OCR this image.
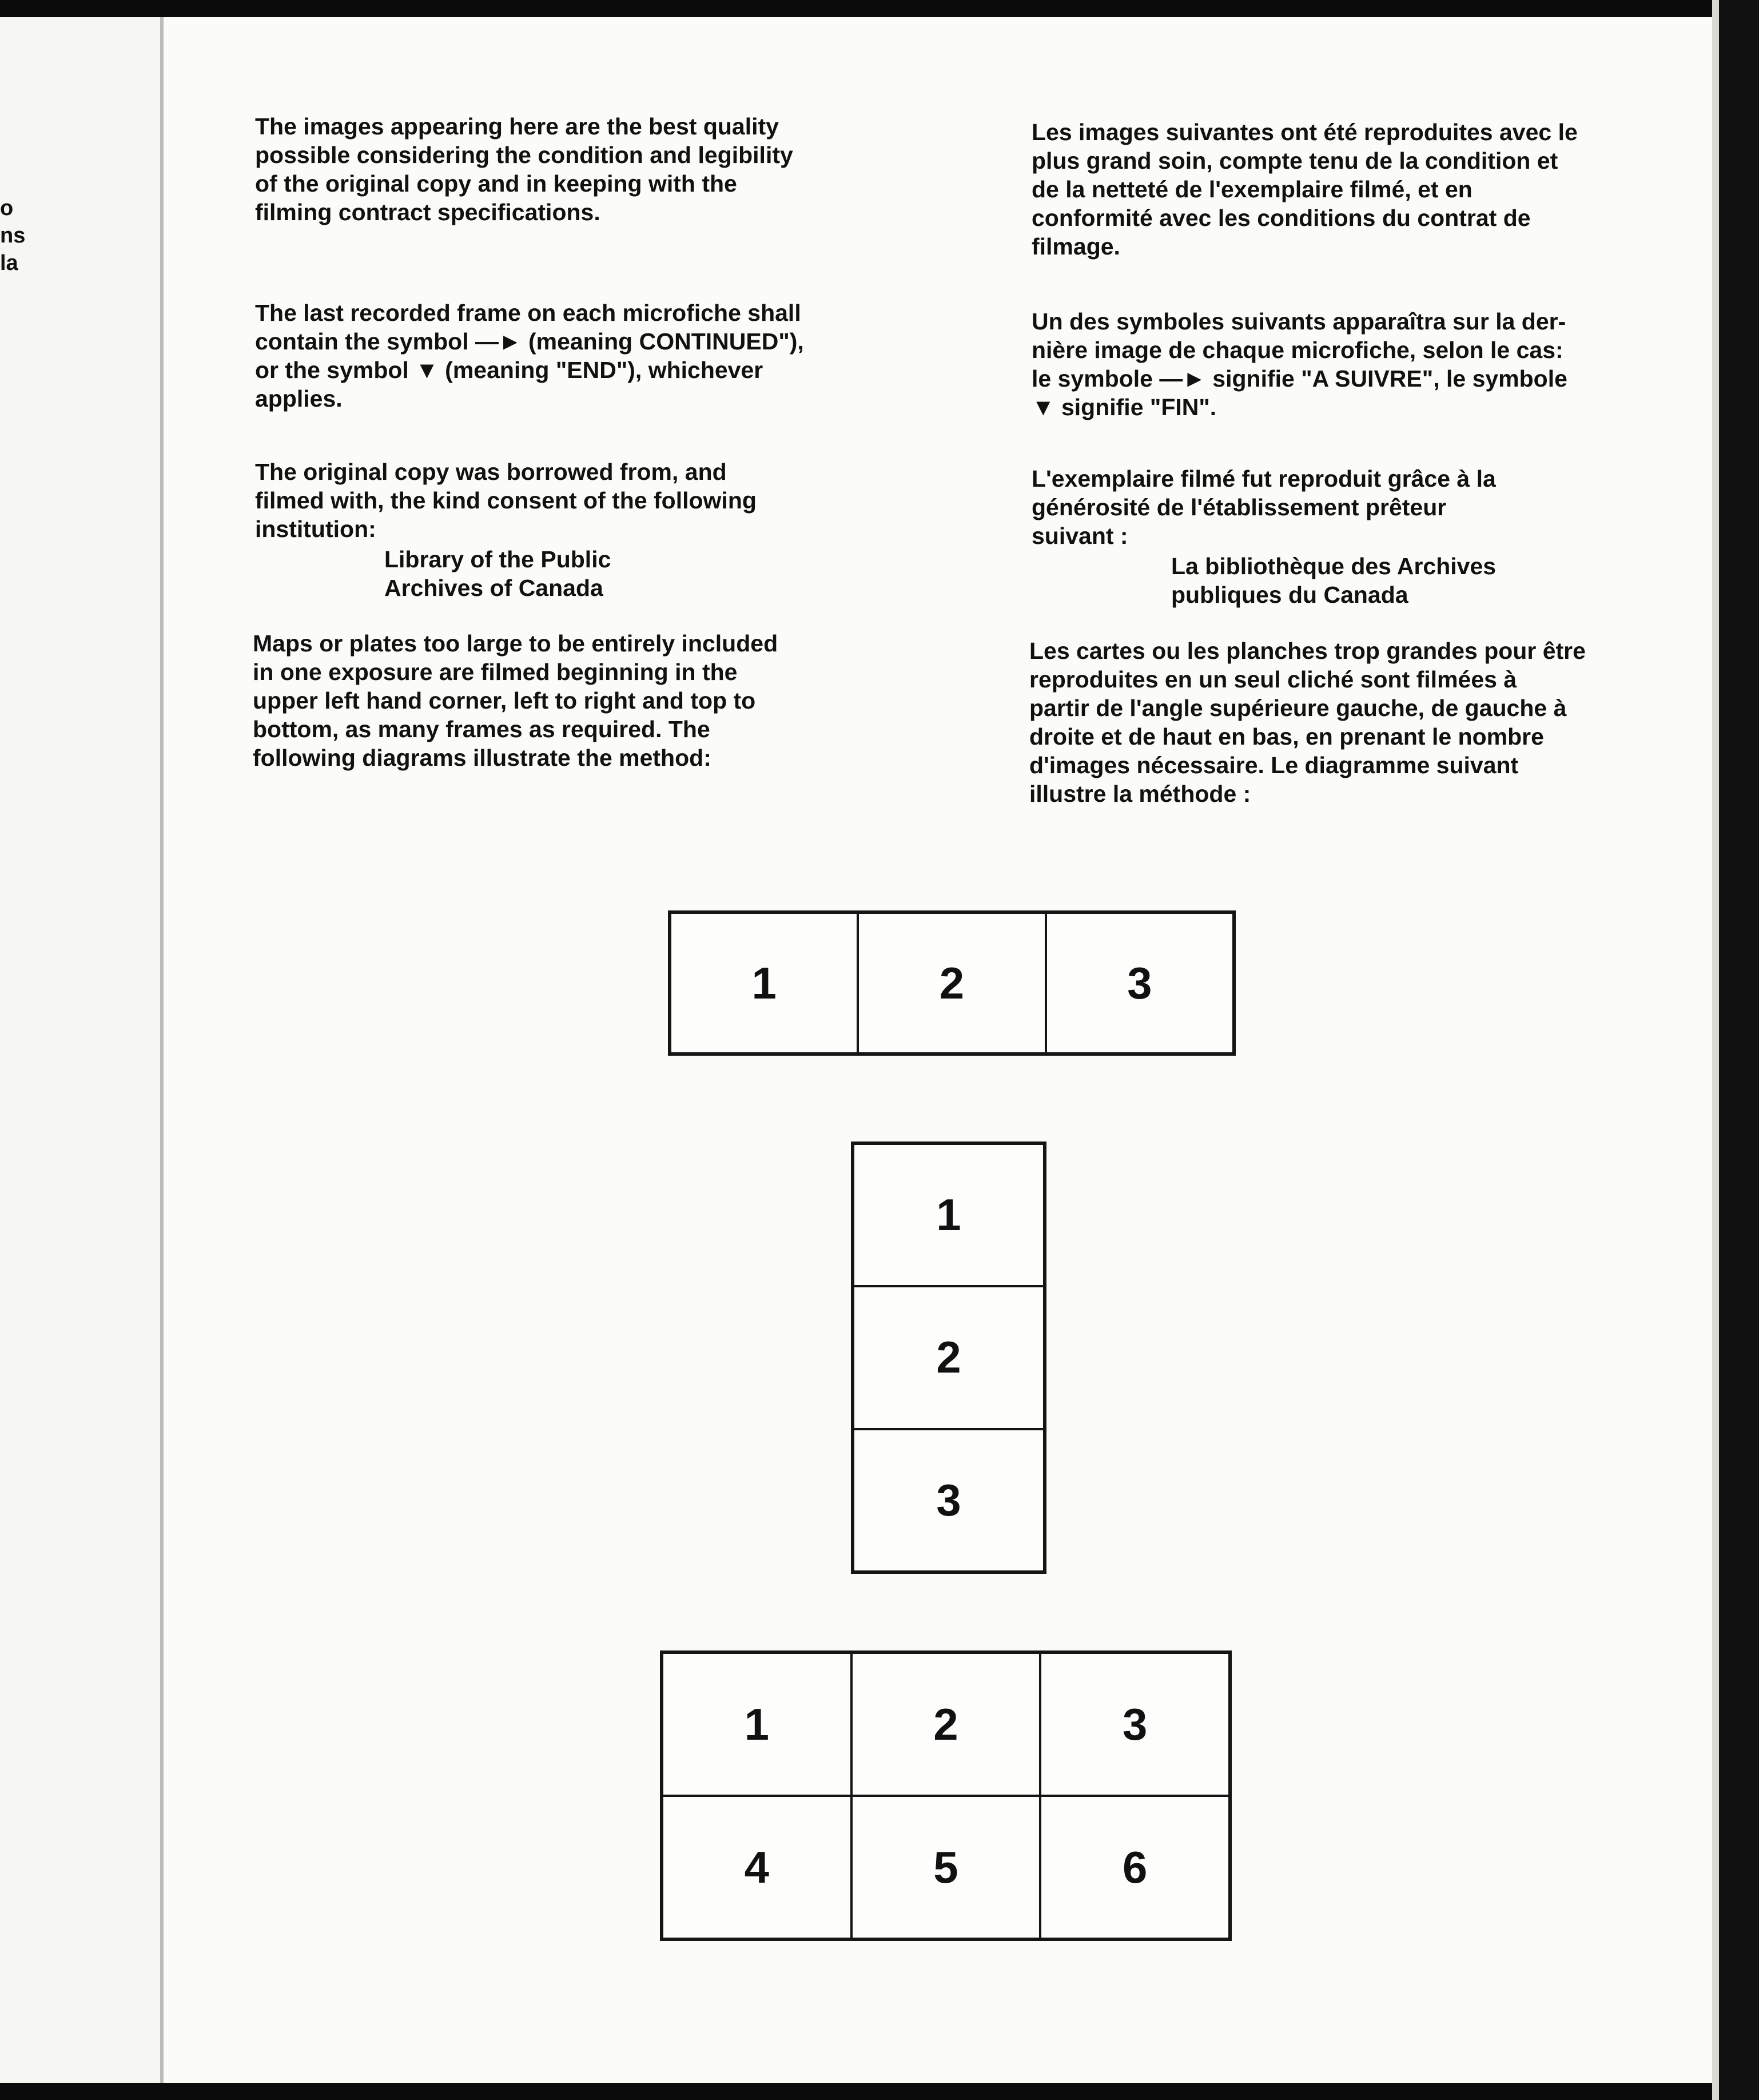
o
ns
la

The images appearing here are the best quality
possible considering the condition and legibility
of the original copy and in keeping with the
filming contract specifications.

The last recorded frame on each microfiche shall
contain the symbol —► (meaning CONTINUED"),
or the symbol ▼ (meaning "END"), whichever
applies.

The original copy was borrowed from, and
filmed with, the kind consent of the following
institution:

Library of the Public
Archives of Canada

Maps or plates too large to be entirely included
in one exposure are filmed beginning in the
upper left hand corner, left to right and top to
bottom, as many frames as required. The
following diagrams illustrate the method:

Les images suivantes ont été reproduites avec le
plus grand soin, compte tenu de la condition et
de la netteté de l'exemplaire filmé, et en
conformité avec les conditions du contrat de
filmage.

Un des symboles suivants apparaîtra sur la der-
nière image de chaque microfiche, selon le cas:
le symbole —► signifie "A SUIVRE", le symbole
▼ signifie "FIN".

L'exemplaire filmé fut reproduit grâce à la
générosité de l'établissement prêteur
suivant :

La bibliothèque des Archives
publiques du Canada

Les cartes ou les planches trop grandes pour être
reproduites en un seul cliché sont filmées à
partir de l'angle supérieure gauche, de gauche à
droite et de haut en bas, en prenant le nombre
d'images nécessaire. Le diagramme suivant
illustre la méthode :

1	2	3
1
2
3
1	2	3
4	5	6
